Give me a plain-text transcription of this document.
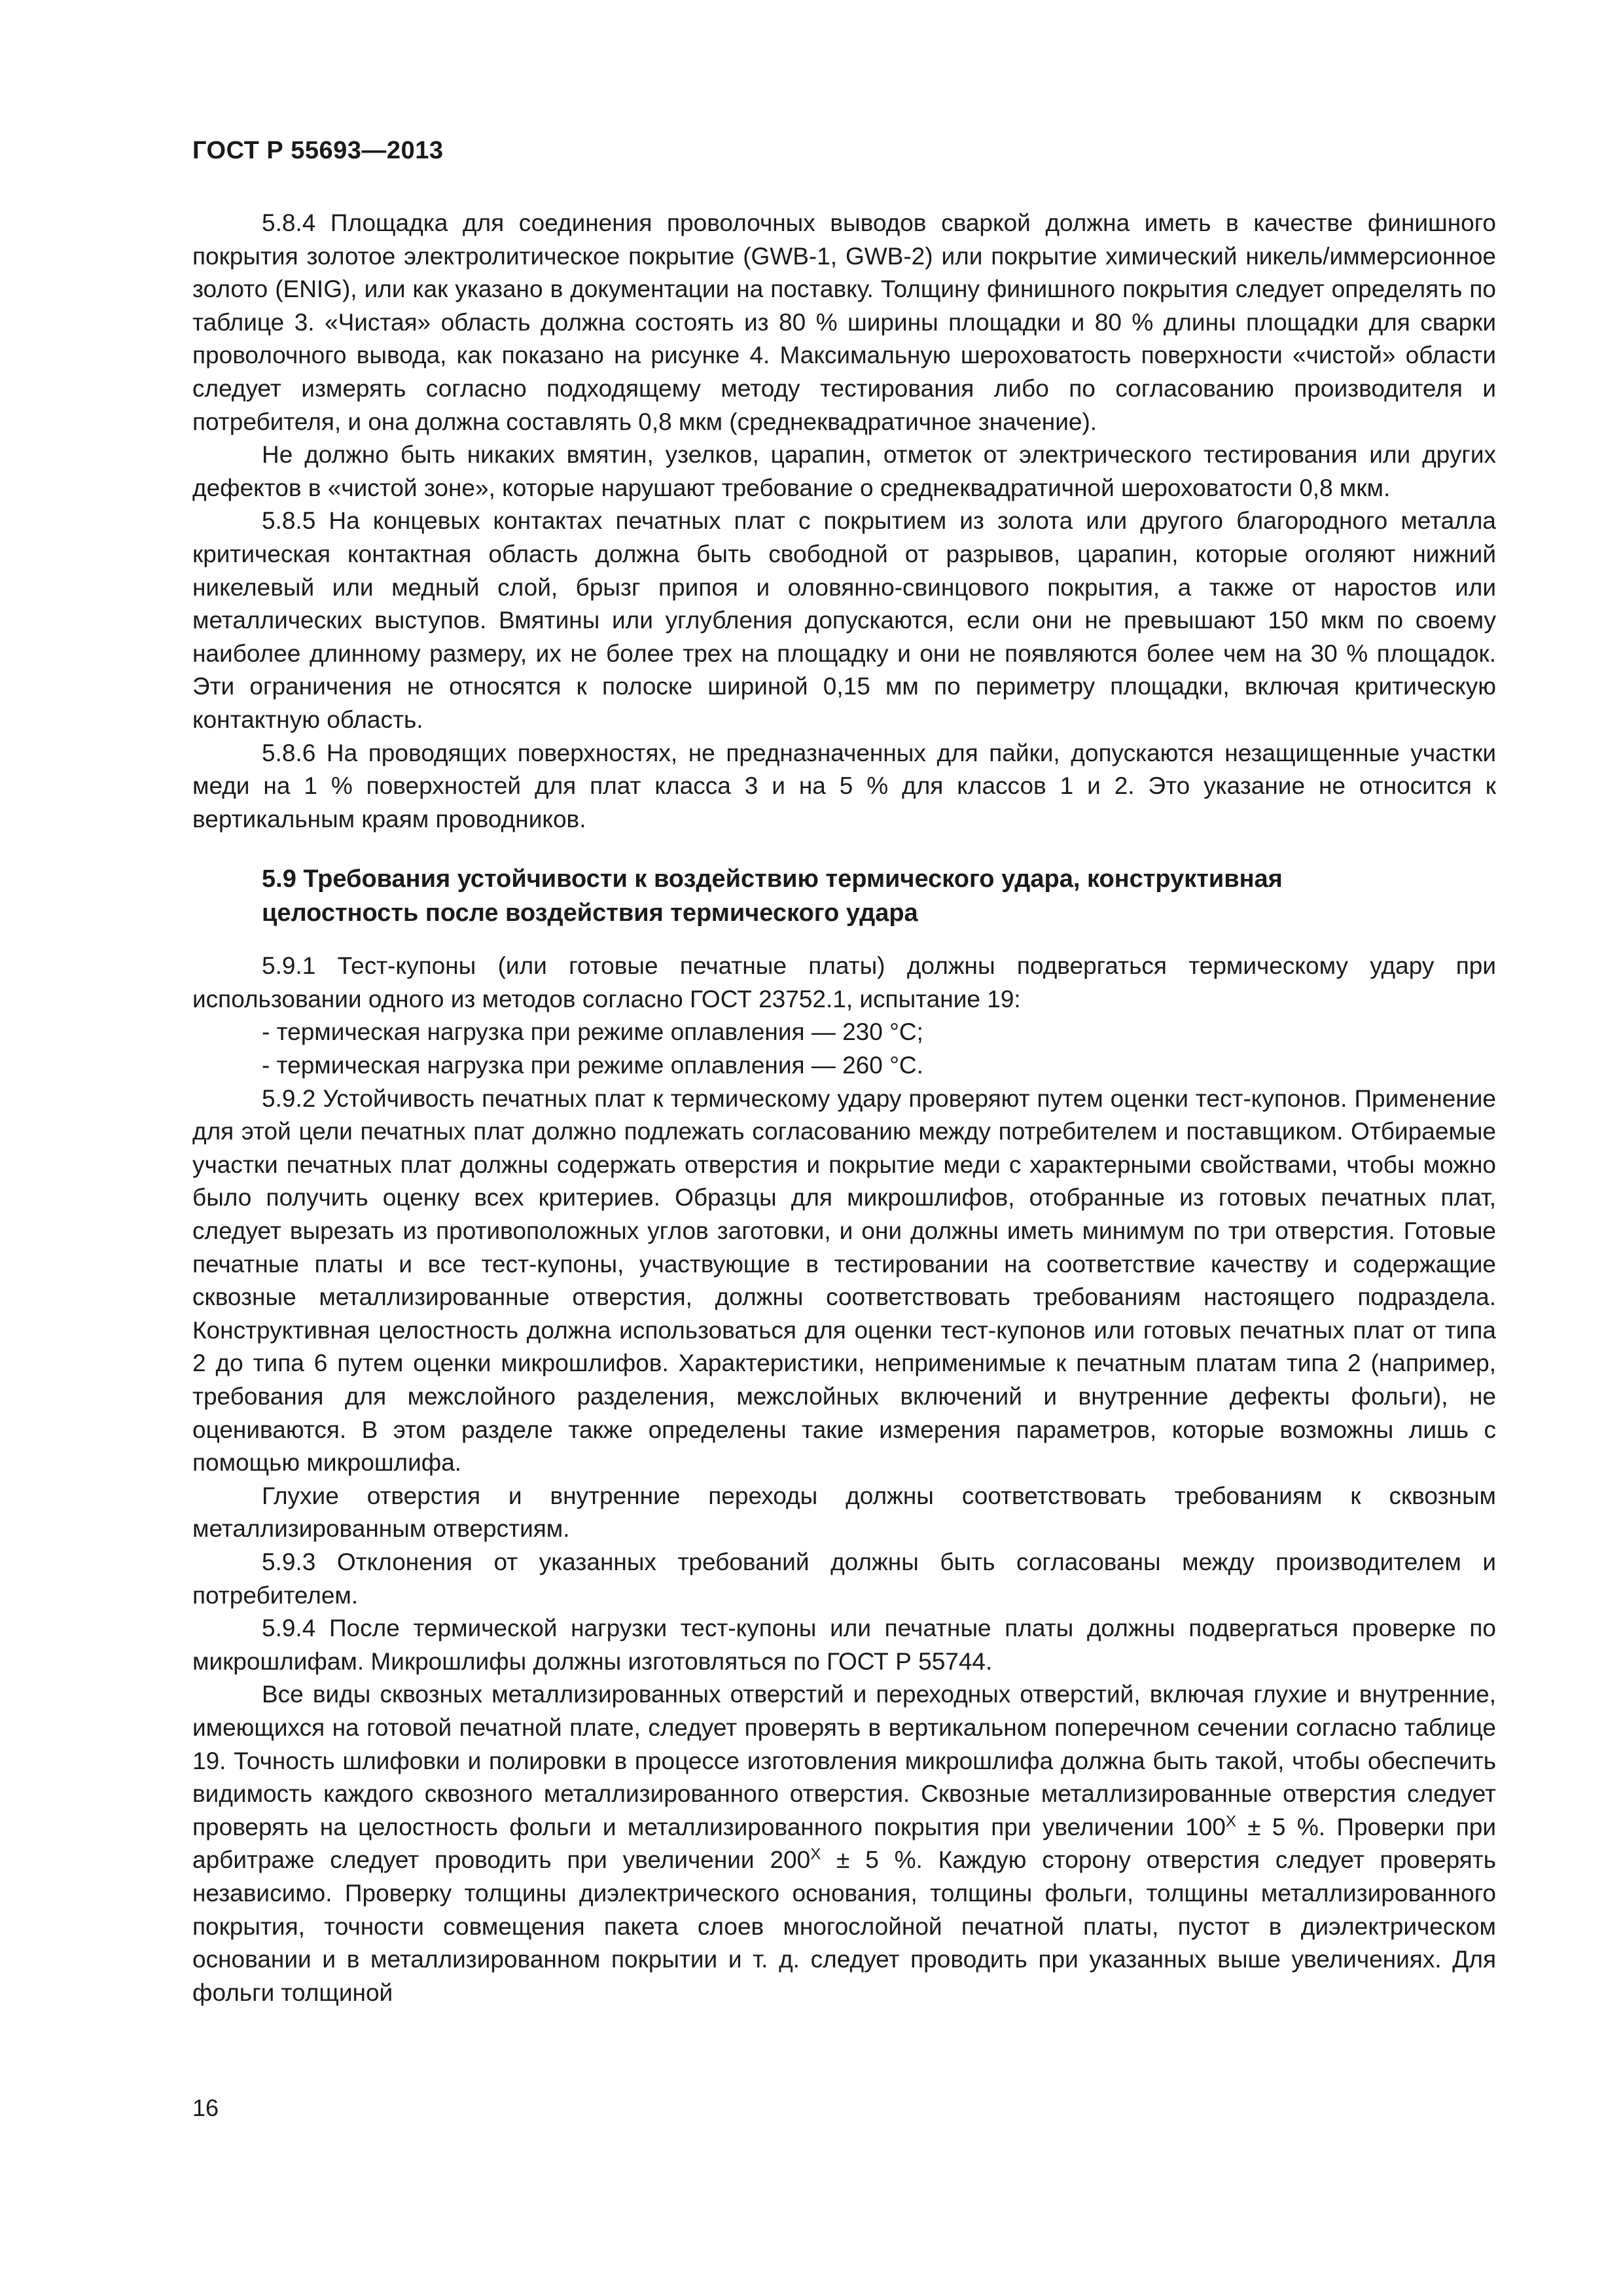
ГОСТ Р 55693—2013

5.8.4 Площадка для соединения проволочных выводов сваркой должна иметь в качестве финишного покрытия золотое электролитическое покрытие (GWB-1, GWB-2) или покрытие химический никель/иммерсионное золото (ENIG), или как указано в документации на поставку. Толщину финишного покрытия следует определять по таблице 3. «Чистая» область должна состоять из 80 % ширины площадки и 80 % длины площадки для сварки проволочного вывода, как показано на рисунке 4. Максимальную шероховатость поверхности «чистой» области следует измерять согласно подходящему методу тестирования либо по согласованию производителя и потребителя, и она должна составлять 0,8 мкм (среднеквадратичное значение).

Не должно быть никаких вмятин, узелков, царапин, отметок от электрического тестирования или других дефектов в «чистой зоне», которые нарушают требование о среднеквадратичной шероховатости 0,8 мкм.

5.8.5 На концевых контактах печатных плат с покрытием из золота или другого благородного металла критическая контактная область должна быть свободной от разрывов, царапин, которые оголяют нижний никелевый или медный слой, брызг припоя и оловянно-свинцового покрытия, а также от наростов или металлических выступов. Вмятины или углубления допускаются, если они не превышают 150 мкм по своему наиболее длинному размеру, их не более трех на площадку и они не появляются более чем на 30 % площадок. Эти ограничения не относятся к полоске шириной 0,15 мм по периметру площадки, включая критическую контактную область.

5.8.6 На проводящих поверхностях, не предназначенных для пайки, допускаются незащищенные участки меди на 1 % поверхностей для плат класса 3 и на 5 % для классов 1 и 2. Это указание не относится к вертикальным краям проводников.

5.9 Требования устойчивости к воздействию термического удара, конструктивная
целостность после воздействия термического удара

5.9.1 Тест-купоны (или готовые печатные платы) должны подвергаться термическому удару при использовании одного из методов согласно ГОСТ 23752.1, испытание 19:

- термическая нагрузка при режиме оплавления — 230 °С;

- термическая нагрузка при режиме оплавления — 260 °С.

5.9.2 Устойчивость печатных плат к термическому удару проверяют путем оценки тест-купонов. Применение для этой цели печатных плат должно подлежать согласованию между потребителем и поставщиком. Отбираемые участки печатных плат должны содержать отверстия и покрытие меди с характерными свойствами, чтобы можно было получить оценку всех критериев. Образцы для микрошлифов, отобранные из готовых печатных плат, следует вырезать из противоположных углов заготовки, и они должны иметь минимум по три отверстия. Готовые печатные платы и все тест-купоны, участвующие в тестировании на соответствие качеству и содержащие сквозные металлизированные отверстия, должны соответствовать требованиям настоящего подраздела. Конструктивная целостность должна использоваться для оценки тест-купонов или готовых печатных плат от типа 2 до типа 6 путем оценки микрошлифов. Характеристики, неприменимые к печатным платам типа 2 (например, требования для межслойного разделения, межслойных включений и внутренние дефекты фольги), не оцениваются. В этом разделе также определены такие измерения параметров, которые возможны лишь с помощью микрошлифа.

Глухие отверстия и внутренние переходы должны соответствовать требованиям к сквозным металлизированным отверстиям.

5.9.3 Отклонения от указанных требований должны быть согласованы между производителем и потребителем.

5.9.4 После термической нагрузки тест-купоны или печатные платы должны подвергаться проверке по микрошлифам. Микрошлифы должны изготовляться по ГОСТ Р 55744.

Все виды сквозных металлизированных отверстий и переходных отверстий, включая глухие и внутренние, имеющихся на готовой печатной плате, следует проверять в вертикальном поперечном сечении согласно таблице 19. Точность шлифовки и полировки в процессе изготовления микрошлифа должна быть такой, чтобы обеспечить видимость каждого сквозного металлизированного отверстия. Сквозные металлизированные отверстия следует проверять на целостность фольги и металлизированного покрытия при увеличении $100^X \pm 5$ %. Проверки при арбитраже следует проводить при увеличении $200^X \pm 5$ %. Каждую сторону отверстия следует проверять независимо. Проверку толщины диэлектрического основания, толщины фольги, толщины металлизированного покрытия, точности совмещения пакета слоев многослойной печатной платы, пустот в диэлектрическом основании и в металлизированном покрытии и т. д. следует проводить при указанных выше увеличениях. Для фольги толщиной

16
